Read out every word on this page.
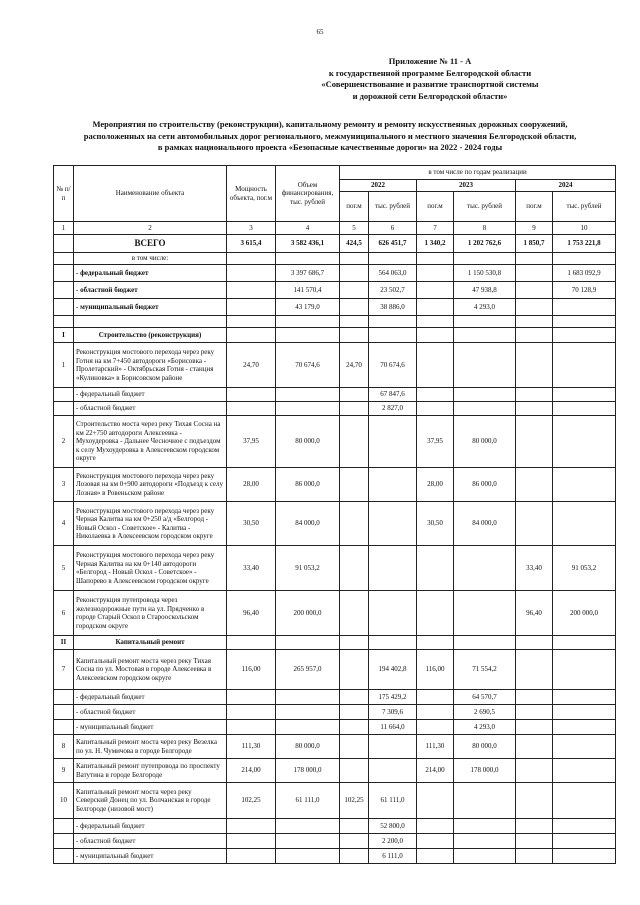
65
Приложение № 11 - А
к государственной программе Белгородской области
«Совершенствование и развитие транспортной системы
и дорожной сети Белгородской области»
Мероприятия по строительству (реконструкции), капитальному ремонту и ремонту искусственных дорожных сооружений,
расположенных на сети автомобильных дорог регионального, межмуниципального и местного значения Белгородской области,
в рамках национального проекта «Безопасные качественные дороги» на 2022 - 2024 годы
№ п/п	Наименование объекта	Мощность объекта, пог.м	Объем финансирования, тыс. рублей	в том числе по годам реализации					
				2022		2023		2024	
				пог.м	тыс. рублей	пог.м	тыс. рублей	пог.м	тыс. рублей
1	2	3	4	5	6	7	8	9	10
	ВСЕГО	3 615,4	3 582 436,1	424,5	626 451,7	1 340,2	1 202 762,6	1 850,7	1 753 221,8
	в том числе:								
	- федеральный бюджет		3 397 686,7		564 063,0		1 150 530,8		1 683 092,9
	- областной бюджет		141 570,4		23 502,7		47 938,8		70 128,9
	- муниципальный бюджет		43 179,0		38 886,0		4 293,0		

I	Строительство (реконструкция)								
1	Реконструкция мостового перехода через реку Готня на км 7+450 автодороги «Борисовка - Пролетарский» - Октябрьская Готня - станция «Кулиновка» в Борисовском районе	24,70	70 674,6	24,70	70 674,6				
	- федеральный бюджет				67 847,6				
	- областной бюджет				2 827,0				
2	Строительство моста через реку Тихая Сосна на км 22+750 автодороги Алексеевка - Мухоудеровка - Дальнее Чесночное с подъездом к селу Мухоудеровка в Алексеевском городском округе	37,95	80 000,0			37,95	80 000,0		
3	Реконструкция мостового перехода через реку Лозовая на км 0+900 автодороги «Подъезд к селу Лозная» в Ровеньском районе	28,00	86 000,0			28,00	86 000,0		
4	Реконструкция мостового перехода через реку Черная Калитва на км 0+250 а/д «Белгород - Новый Оскол - Советское» - Калитва - Николаевка в Алексеевском городском округе	30,50	84 000,0			30,50	84 000,0		
5	Реконструкция мостового перехода через реку Черная Калитва на км 0+140 автодороги «Белгород - Новый Оскол - Советское» - Шапорево в Алексеевском городском округе	33,40	91 053,2					33,40	91 053,2
6	Реконструкция путепровода через железнодорожные пути на ул. Прядченко в городе Старый Оскол в Старооскольском городском округе	96,40	200 000,0					96,40	200 000,0
II	Капитальный ремонт								
7	Капитальный ремонт моста через реку Тихая Сосна по ул. Мостовая в городе Алексеевка в Алексеевском городском округе	116,00	265 957,0		194 402,8	116,00	71 554,2		
	- федеральный бюджет				175 429,2		64 570,7		
	- областной бюджет				7 309,6		2 690,5		
	- муниципальный бюджет				11 664,0		4 293,0		
8	Капитальный ремонт моста через реку Везелка по ул. Н. Чумичова в городе Белгороде	111,30	80 000,0			111,30	80 000,0		
9	Капитальный ремонт путепровода по проспекту Ватутина в городе Белгороде	214,00	178 000,0			214,00	178 000,0		
10	Капитальный ремонт моста через реку Северский Донец по ул. Волчанская в городе Белгороде (низовой мост)	102,25	61 111,0	102,25	61 111,0				
	- федеральный бюджет				52 800,0				
	- областной бюджет				2 200,0				
	- муниципальный бюджет				6 111,0				
